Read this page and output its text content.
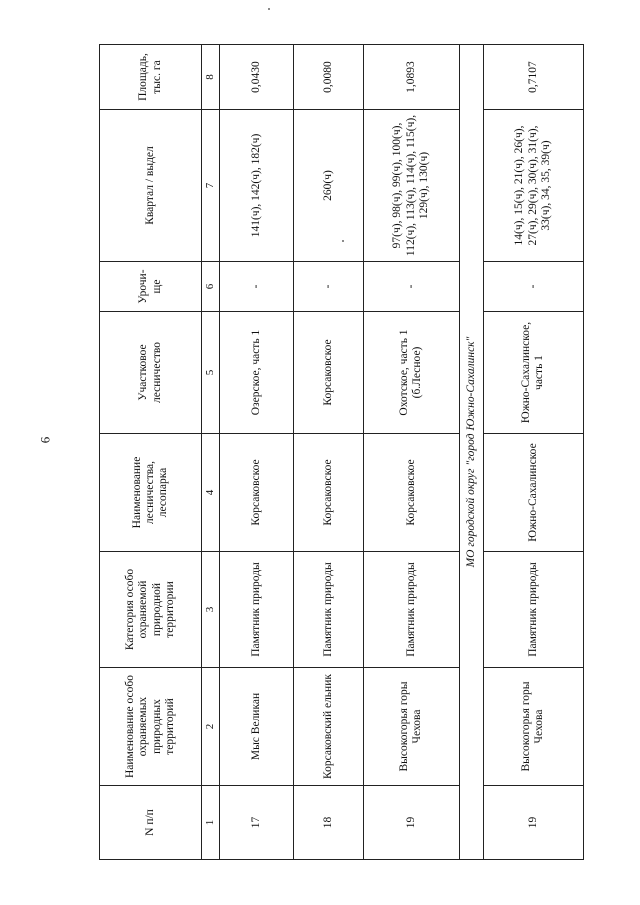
6
N п/п	Наименование особо охраняемых природных территорий	Категория особо охраняемой природной территории	Наименование лесничества, лесопарка	Участковое лесничество	Урочи-ще	Квартал / выдел	Площадь, тыс. га
1	2	3	4	5	6	7	8
17	Мыс Великан	Памятник природы	Корсаковское	Озерское, часть 1	-	141(ч), 142(ч), 182(ч)	0,0430
18	Корсаковский ельник	Памятник природы	Корсаковское	Корсаковское	-	260(ч)	0,0080
19	Высокогорья горы Чехова	Памятник природы	Корсаковское	Охотское, часть 1 (б.Лесное)	-	97(ч), 98(ч), 99(ч), 100(ч), 112(ч), 113(ч), 114(ч), 115(ч), 129(ч), 130(ч)	1,0893
МО городской округ "город Южно-Сахалинск"							
19	Высокогорья горы Чехова	Памятник природы	Южно-Сахалинское	Южно-Сахалинское, часть 1	-	14(ч), 15(ч), 21(ч), 26(ч), 27(ч), 29(ч), 30(ч), 31(ч), 33(ч), 34, 35, 39(ч)	0,7107
